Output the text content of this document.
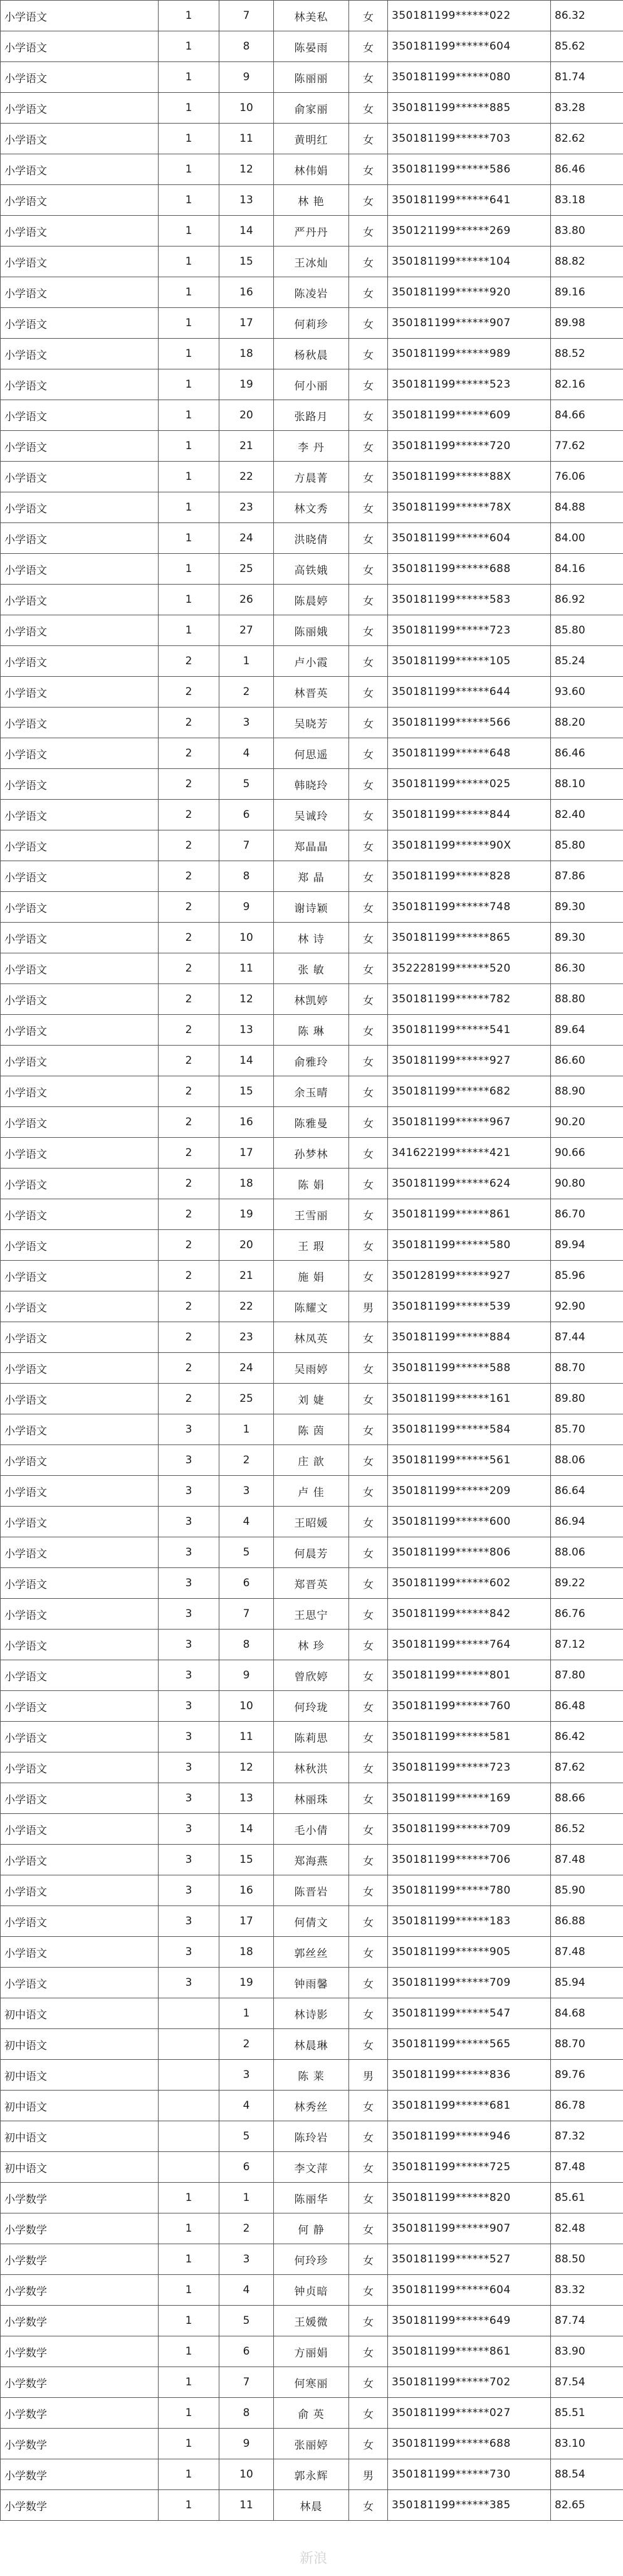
小学语文	1	7	林美私	女	350181199******022	86.32
小学语文	1	8	陈晏雨	女	350181199******604	85.62
小学语文	1	9	陈丽丽	女	350181199******080	81.74
小学语文	1	10	俞家丽	女	350181199******885	83.28
小学语文	1	11	黄明红	女	350181199******703	82.62
小学语文	1	12	林伟娟	女	350181199******586	86.46
小学语文	1	13	林 艳	女	350181199******641	83.18
小学语文	1	14	严丹丹	女	350121199******269	83.80
小学语文	1	15	王冰灿	女	350181199******104	88.82
小学语文	1	16	陈凌岩	女	350181199******920	89.16
小学语文	1	17	何莉珍	女	350181199******907	89.98
小学语文	1	18	杨秋晨	女	350181199******989	88.52
小学语文	1	19	何小丽	女	350181199******523	82.16
小学语文	1	20	张路月	女	350181199******609	84.66
小学语文	1	21	李 丹	女	350181199******720	77.62
小学语文	1	22	方晨菁	女	350181199******88X	76.06
小学语文	1	23	林文秀	女	350181199******78X	84.88
小学语文	1	24	洪晓倩	女	350181199******604	84.00
小学语文	1	25	高铁娥	女	350181199******688	84.16
小学语文	1	26	陈晨婷	女	350181199******583	86.92
小学语文	1	27	陈丽娥	女	350181199******723	85.80
小学语文	2	1	卢小霞	女	350181199******105	85.24
小学语文	2	2	林晋英	女	350181199******644	93.60
小学语文	2	3	吴晓芳	女	350181199******566	88.20
小学语文	2	4	何思遥	女	350181199******648	86.46
小学语文	2	5	韩晓玲	女	350181199******025	88.10
小学语文	2	6	吴诚玲	女	350181199******844	82.40
小学语文	2	7	郑晶晶	女	350181199******90X	85.80
小学语文	2	8	郑 晶	女	350181199******828	87.86
小学语文	2	9	谢诗颖	女	350181199******748	89.30
小学语文	2	10	林 诗	女	350181199******865	89.30
小学语文	2	11	张 敏	女	352228199******520	86.30
小学语文	2	12	林凯婷	女	350181199******782	88.80
小学语文	2	13	陈 琳	女	350181199******541	89.64
小学语文	2	14	俞雅玲	女	350181199******927	86.60
小学语文	2	15	余玉晴	女	350181199******682	88.90
小学语文	2	16	陈雅曼	女	350181199******967	90.20
小学语文	2	17	孙梦林	女	341622199******421	90.66
小学语文	2	18	陈 娟	女	350181199******624	90.80
小学语文	2	19	王雪丽	女	350181199******861	86.70
小学语文	2	20	王 瑕	女	350181199******580	89.94
小学语文	2	21	施 娟	女	350128199******927	85.96
小学语文	2	22	陈耀文	男	350181199******539	92.90
小学语文	2	23	林凤英	女	350181199******884	87.44
小学语文	2	24	吴雨婷	女	350181199******588	88.70
小学语文	2	25	刘 婕	女	350181199******161	89.80
小学语文	3	1	陈 茵	女	350181199******584	85.70
小学语文	3	2	庄 歆	女	350181199******561	88.06
小学语文	3	3	卢 佳	女	350181199******209	86.64
小学语文	3	4	王昭媛	女	350181199******600	86.94
小学语文	3	5	何晨芳	女	350181199******806	88.06
小学语文	3	6	郑晋英	女	350181199******602	89.22
小学语文	3	7	王思宁	女	350181199******842	86.76
小学语文	3	8	林 珍	女	350181199******764	87.12
小学语文	3	9	曾欣婷	女	350181199******801	87.80
小学语文	3	10	何玲珑	女	350181199******760	86.48
小学语文	3	11	陈莉思	女	350181199******581	86.42
小学语文	3	12	林秋洪	女	350181199******723	87.62
小学语文	3	13	林丽珠	女	350181199******169	88.66
小学语文	3	14	毛小倩	女	350181199******709	86.52
小学语文	3	15	郑海燕	女	350181199******706	87.48
小学语文	3	16	陈晋岩	女	350181199******780	85.90
小学语文	3	17	何倩文	女	350181199******183	86.88
小学语文	3	18	郭丝丝	女	350181199******905	87.48
小学语文	3	19	钟雨馨	女	350181199******709	85.94
初中语文		1	林诗影	女	350181199******547	84.68
初中语文		2	林晨琳	女	350181199******565	88.70
初中语文		3	陈 莱	男	350181199******836	89.76
初中语文		4	林秀丝	女	350181199******681	86.78
初中语文		5	陈玲岩	女	350181199******946	87.32
初中语文		6	李文萍	女	350181199******725	87.48
小学数学	1	1	陈丽华	女	350181199******820	85.61
小学数学	1	2	何 静	女	350181199******907	82.48
小学数学	1	3	何玲珍	女	350181199******527	88.50
小学数学	1	4	钟贞暗	女	350181199******604	83.32
小学数学	1	5	王媛微	女	350181199******649	87.74
小学数学	1	6	方丽娟	女	350181199******861	83.90
小学数学	1	7	何寒丽	女	350181199******702	87.54
小学数学	1	8	俞 英	女	350181199******027	85.51
小学数学	1	9	张丽婷	女	350181199******688	83.10
小学数学	1	10	郭永辉	男	350181199******730	88.54
小学数学	1	11	林晨	女	350181199******385	82.65
新浪
